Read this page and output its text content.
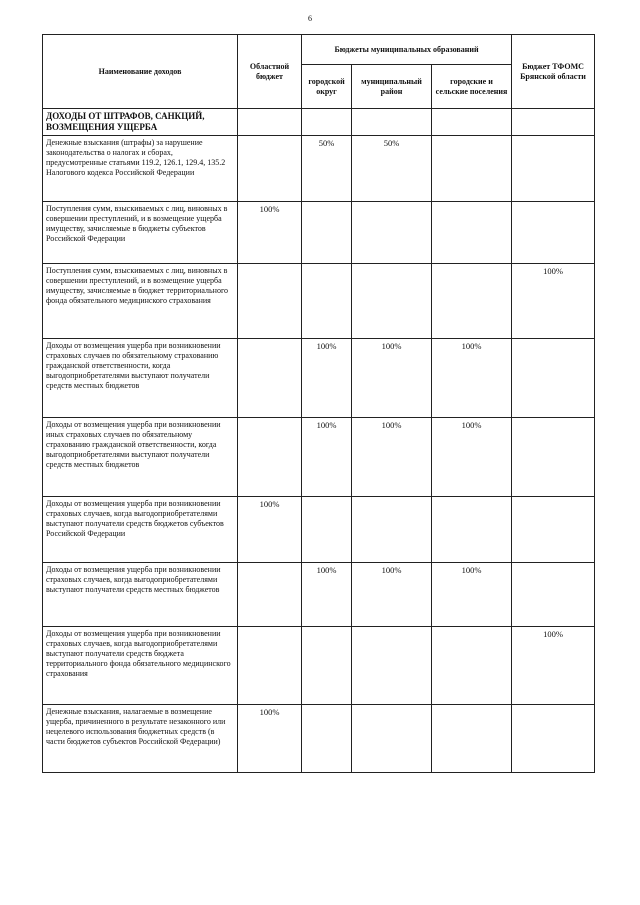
6
Наименование доходов	Областной бюджет	Бюджеты муниципальных образований			Бюджет ТФОМС Брянской области
		городской округ	муниципальный район	городские и сельские поселения	
ДОХОДЫ ОТ ШТРАФОВ, САНКЦИЙ, ВОЗМЕЩЕНИЯ УЩЕРБА					
Денежные взыскания (штрафы) за нарушение законодательства о налогах и сборах, предусмотренные статьями 119.2, 126.1, 129.4, 135.2 Налогового кодекса Российской Федерации		50%	50%		
Поступления сумм, взыскиваемых с лиц, виновных в совершении преступлений, и в возмещение ущерба имуществу, зачисляемые в бюджеты субъектов Российской Федерации	100%				
Поступления сумм, взыскиваемых с лиц, виновных в совершении преступлений, и в возмещение ущерба имуществу, зачисляемые в бюджет территориального фонда обязательного медицинского страхования					100%
Доходы от возмещения ущерба при возникновении страховых случаев по обязательному страхованию гражданской ответственности, когда выгодоприобретателями выступают получатели средств местных бюджетов		100%	100%	100%	
Доходы от возмещения ущерба при возникновении иных страховых случаев по обязательному страхованию гражданской ответственности, когда выгодоприобретателями выступают получатели средств местных бюджетов		100%	100%	100%	
Доходы от возмещения ущерба при возникновении страховых случаев, когда выгодоприобретателями выступают получатели средств бюджетов субъектов Российской Федерации	100%				
Доходы от возмещения ущерба при возникновении страховых случаев, когда выгодоприобретателями выступают получатели средств местных бюджетов		100%	100%	100%	
Доходы от возмещения ущерба при возникновении страховых случаев, когда выгодоприобретателями выступают получатели средств бюджета территориального фонда обязательного медицинского страхования					100%
Денежные взыскания, налагаемые в возмещение ущерба, причиненного в результате незаконного или нецелевого использования бюджетных средств (в части бюджетов субъектов Российской Федерации)	100%				
